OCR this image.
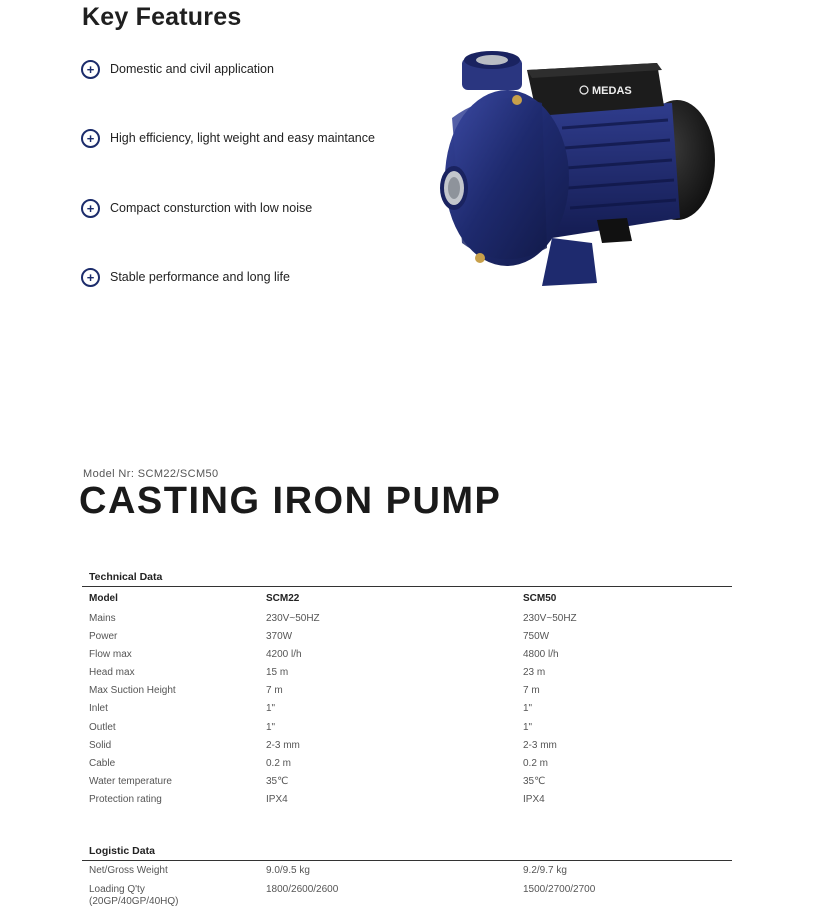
Key Features
+	Domestic and civil application
+	High efficiency, light weight and easy maintance
+	Compact consturction with low noise
+	Stable performance and long life
MEDAS
Model Nr: SCM22/SCM50
CASTING IRON PUMP
Technical Data
Model	SCM22	SCM50
Mains	230V~50HZ	230V~50HZ
Power	370W	750W
Flow max	4200 l/h	4800 l/h
Head max	15 m	23 m
Max Suction Height	7 m	7 m
Inlet	1"	1"
Outlet	1"	1"
Solid	2-3 mm	2-3 mm
Cable	0.2 m	0.2 m
Water temperature	35℃	35℃
Protection rating	IPX4	IPX4
Logistic Data
Net/Gross Weight	9.0/9.5 kg	9.2/9.7 kg
Loading Q'ty
(20GP/40GP/40HQ)
1800/2600/2600	1500/2700/2700
